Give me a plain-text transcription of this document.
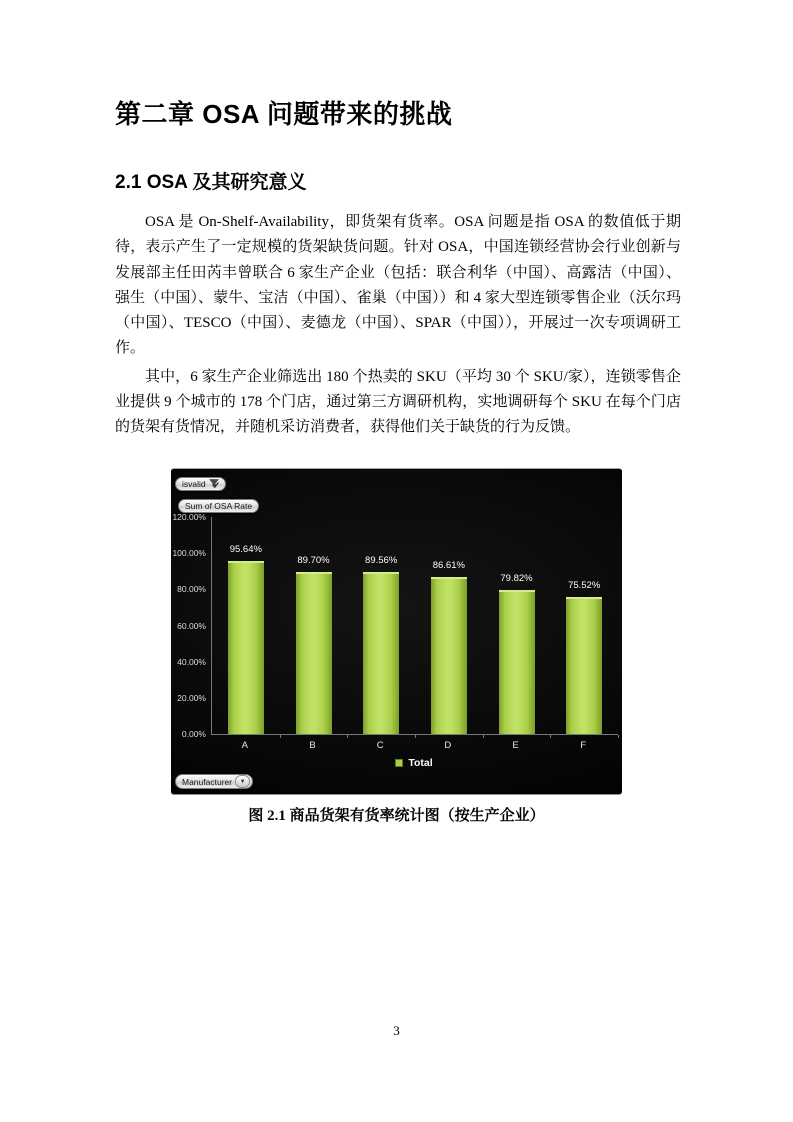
第二章 OSA 问题带来的挑战
2.1 OSA 及其研究意义

OSA 是 On-Shelf-Availability，即货架有货率。OSA 问题是指 OSA 的数值低于期待，表示产生了一定规模的货架缺货问题。针对 OSA，中国连锁经营协会行业创新与发展部主任田芮丰曾联合 6 家生产企业（包括：联合利华（中国）、高露洁（中国）、强生（中国）、蒙牛、宝洁（中国）、雀巢（中国））和 4 家大型连锁零售企业（沃尔玛（中国）、TESCO（中国）、麦德龙（中国）、SPAR（中国）），开展过一次专项调研工作。

其中，6 家生产企业筛选出 180 个热卖的 SKU（平均 30 个 SKU/家），连锁零售企业提供 9 个城市的 178 个门店，通过第三方调研机构，实地调研每个 SKU 在每个门店的货架有货情况，并随机采访消费者，获得他们关于缺货的行为反馈。

isvalid
Sum of OSA Rate
0.00%
20.00%
40.00%
60.00%
80.00%
100.00%
120.00%
95.64%
89.70%	89.56%	86.61%
79.82%
75.52%
A	B	C	D	E	F
Total
Manufacturer	▼
图 2.1 商品货架有货率统计图（按生产企业）
3
